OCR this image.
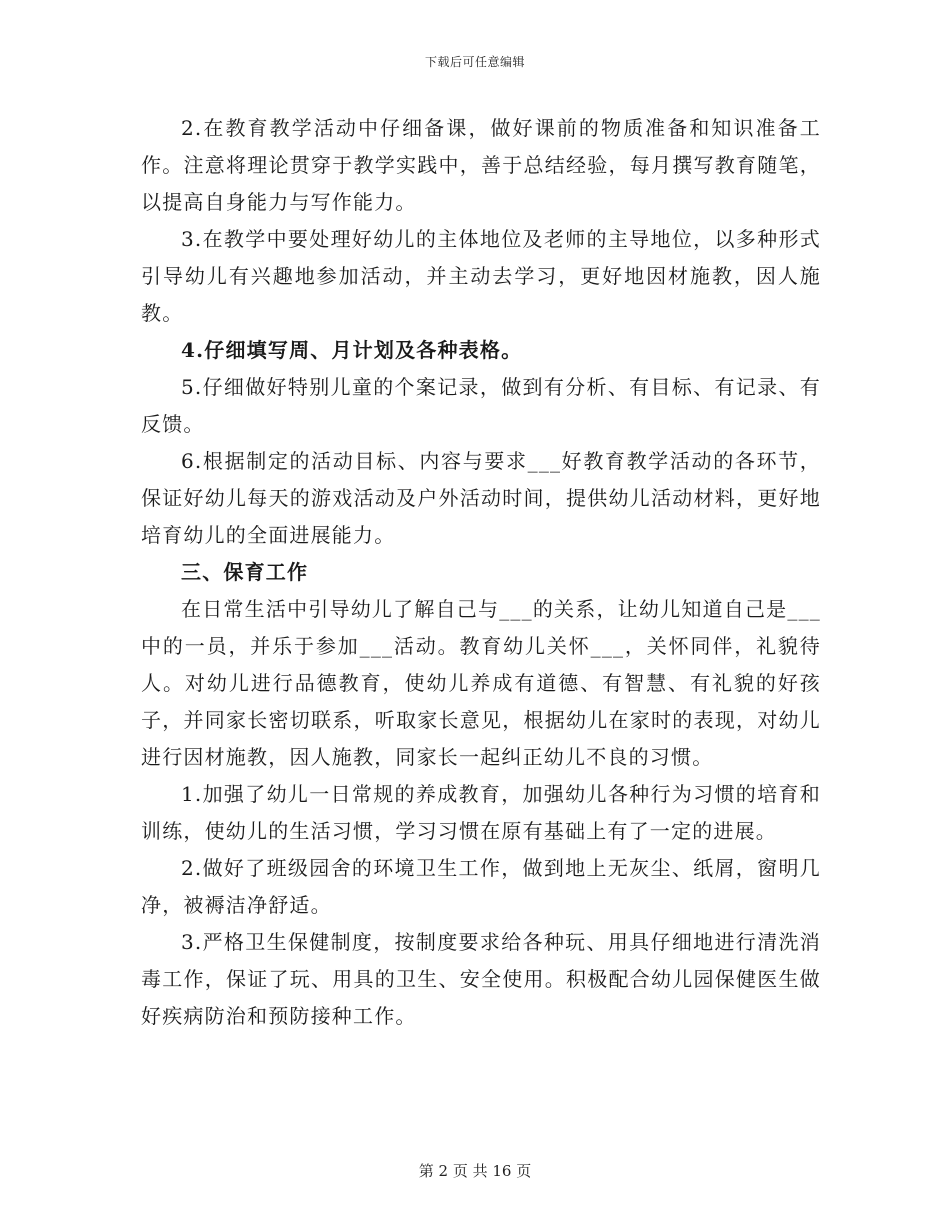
下载后可任意编辑

2.在教育教学活动中仔细备课，做好课前的物质准备和知识准备工作。注意将理论贯穿于教学实践中，善于总结经验，每月撰写教育随笔，以提高自身能力与写作能力。

3.在教学中要处理好幼儿的主体地位及老师的主导地位，以多种形式引导幼儿有兴趣地参加活动，并主动去学习，更好地因材施教，因人施教。

4.仔细填写周、月计划及各种表格。

5.仔细做好特别儿童的个案记录，做到有分析、有目标、有记录、有反馈。

6.根据制定的活动目标、内容与要求___好教育教学活动的各环节，保证好幼儿每天的游戏活动及户外活动时间，提供幼儿活动材料，更好地培育幼儿的全面进展能力。

三、保育工作

在日常生活中引导幼儿了解自己与___的关系，让幼儿知道自己是___中的一员，并乐于参加___活动。教育幼儿关怀___，关怀同伴，礼貌待人。对幼儿进行品德教育，使幼儿养成有道德、有智慧、有礼貌的好孩子，并同家长密切联系，听取家长意见，根据幼儿在家时的表现，对幼儿进行因材施教，因人施教，同家长一起纠正幼儿不良的习惯。

1.加强了幼儿一日常规的养成教育，加强幼儿各种行为习惯的培育和训练，使幼儿的生活习惯，学习习惯在原有基础上有了一定的进展。

2.做好了班级园舍的环境卫生工作，做到地上无灰尘、纸屑，窗明几净，被褥洁净舒适。

3.严格卫生保健制度，按制度要求给各种玩、用具仔细地进行清洗消毒工作，保证了玩、用具的卫生、安全使用。积极配合幼儿园保健医生做好疾病防治和预防接种工作。

第 2 页 共 16 页
